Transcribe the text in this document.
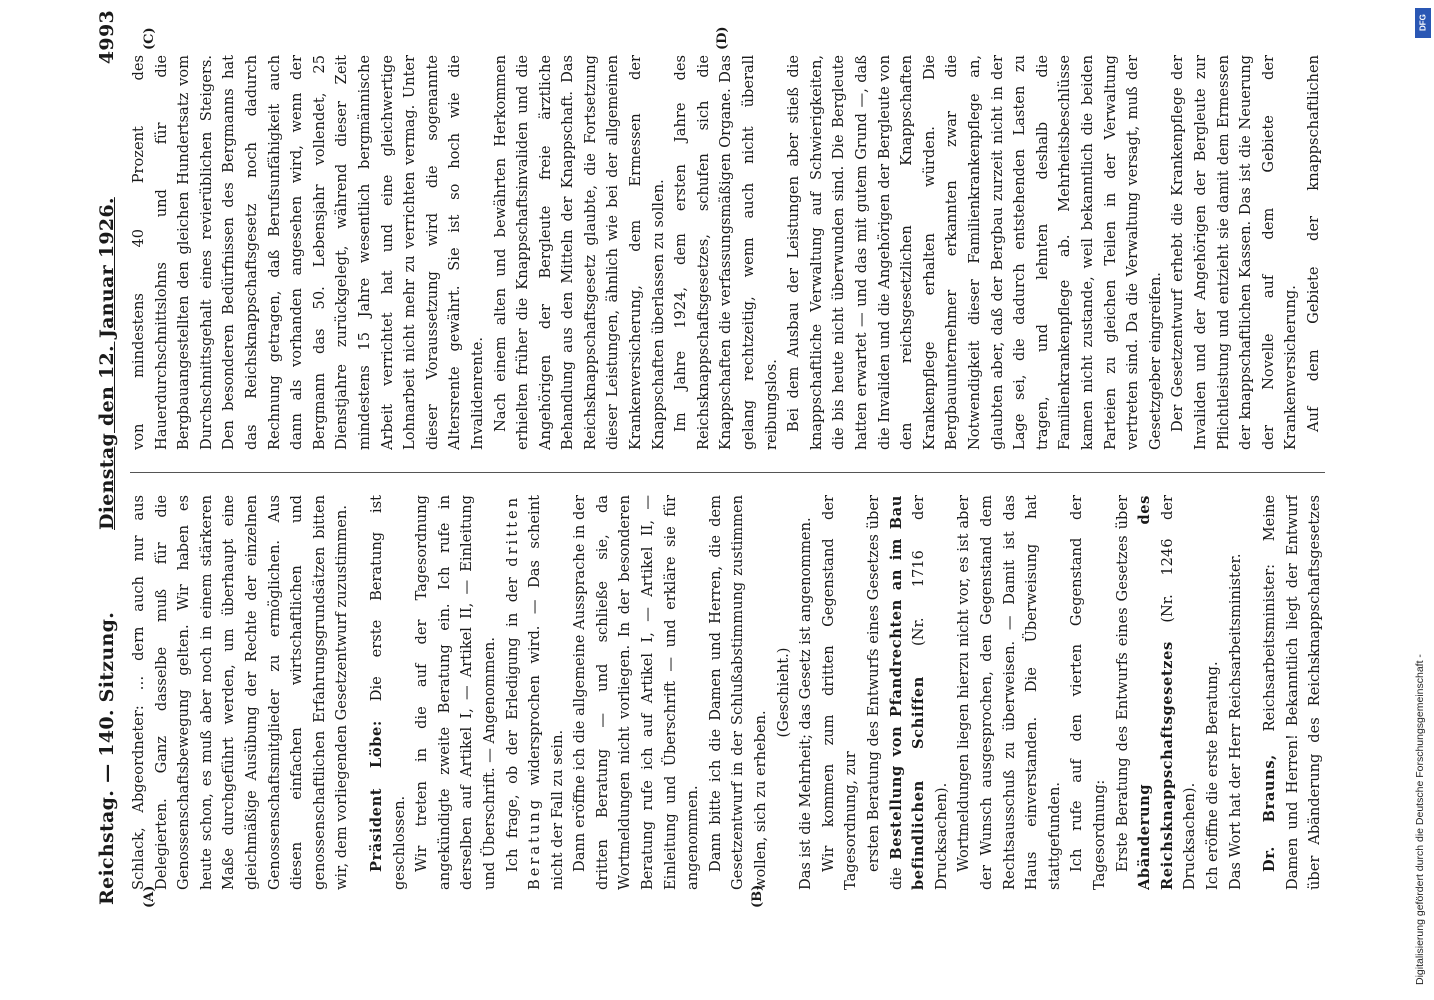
Reichstag. — 140. Sitzung.
Dienstag den 12. Januar 1926.
4993
(A)	(B)
(C)	(D)

Schlack, Abgeordneter: … dern auch nur aus Delegierten. Ganz dasselbe muß für die Genossenschaftsbewegung gelten. Wir haben es heute schon, es muß aber noch in einem stärkeren Maße durchgeführt werden, um überhaupt eine gleichmäßige Ausübung der Rechte der einzelnen Genossenschaftsmitglieder zu ermöglichen. Aus diesen einfachen wirtschaftlichen und genossenschaftlichen Erfahrungsgrundsätzen bitten wir, dem vorliegenden Gesetzentwurf zuzustimmen. Präsident Löbe: Die erste Beratung ist geschlossen. Wir treten in die auf der Tagesordnung angekündigte zweite Beratung ein. Ich rufe in derselben auf Artikel I, — Artikel II, — Einleitung und Überschrift. — Angenommen. Ich frage, ob der Erledigung in der dritten Beratung widersprochen wird. — Das scheint nicht der Fall zu sein. Dann eröffne ich die allgemeine Aussprache in der dritten Beratung — und schließe sie, da Wortmeldungen nicht vorliegen. In der besonderen Beratung rufe ich auf Artikel I, — Artikel II, — Einleitung und Überschrift — und erkläre sie für angenommen. Dann bitte ich die Damen und Herren, die dem Gesetzentwurf in der Schlußabstimmung zustimmen wollen, sich zu erheben.

(Geschieht.) Das ist die Mehrheit; das Gesetz ist angenommen. Wir kommen zum dritten Gegenstand der Tagesordnung, zur ersten Beratung des Entwurfs eines Gesetzes über die Bestellung von Pfandrechten an im Bau befindlichen Schiffen (Nr. 1716 der Drucksachen). Wortmeldungen liegen hierzu nicht vor, es ist aber der Wunsch ausgesprochen, den Gegenstand dem Rechtsausschuß zu überweisen. — Damit ist das Haus einverstanden. Die Überweisung hat stattgefunden. Ich rufe auf den vierten Gegenstand der Tagesordnung: Erste Beratung des Entwurfs eines Gesetzes über Abänderung des Reichsknappschaftsgesetzes (Nr. 1246 der Drucksachen). Ich eröffne die erste Beratung. Das Wort hat der Herr Reichsarbeitsminister. Dr. Brauns, Reichsarbeitsminister: Meine Damen und Herren! Bekanntlich liegt der Entwurf über Abänderung des Reichsknappschaftsgesetzes

von mindestens 40 Prozent des Hauerdurchschnittslohns und für die Bergbauangestellten den gleichen Hundertsatz vom Durchschnittsgehalt eines revierüblichen Steigers. Den besonderen Bedürfnissen des Bergmanns hat das Reichsknappschaftsgesetz noch dadurch Rechnung getragen, daß Berufsunfähigkeit auch dann als vorhanden angesehen wird, wenn der Bergmann das 50. Lebensjahr vollendet, 25 Dienstjahre zurückgelegt, während dieser Zeit mindestens 15 Jahre wesentlich bergmännische Arbeit verrichtet hat und eine gleichwertige Lohnarbeit nicht mehr zu verrichten vermag. Unter dieser Voraussetzung wird die sogenannte Altersrente gewährt. Sie ist so hoch wie die Invalidenrente. Nach einem alten und bewährten Herkommen erhielten früher die Knappschaftsinvaliden und die Angehörigen der Bergleute freie ärztliche Behandlung aus den Mitteln der Knappschaft. Das Reichsknappschaftsgesetz glaubte, die Fortsetzung dieser Leistungen, ähnlich wie bei der allgemeinen Krankenversicherung, dem Ermessen der Knappschaften überlassen zu sollen. Im Jahre 1924, dem ersten Jahre des Reichsknappschaftsgesetzes, schufen sich die Knappschaften die verfassungsmäßigen Organe. Das gelang rechtzeitig, wenn auch nicht überall reibungslos. Bei dem Ausbau der Leistungen aber stieß die knappschaftliche Verwaltung auf Schwierigkeiten, die bis heute nicht überwunden sind. Die Bergleute hatten erwartet — und das mit gutem Grund —, daß die Invaliden und die Angehörigen der Bergleute von den reichsgesetzlichen Knappschaften Krankenpflege erhalten würden. Die Bergbauunternehmer erkannten zwar die Notwendigkeit dieser Familienkrankenpflege an, glaubten aber, daß der Bergbau zurzeit nicht in der Lage sei, die dadurch entstehenden Lasten zu tragen, und lehnten deshalb die Familienkrankenpflege ab. Mehrheitsbeschlüsse kamen nicht zustande, weil bekanntlich die beiden Parteien zu gleichen Teilen in der Verwaltung vertreten sind. Da die Verwaltung versagt, muß der Gesetzgeber eingreifen. Der Gesetzentwurf erhebt die Krankenpflege der Invaliden und der Angehörigen der Bergleute zur Pflichtleistung und entzieht sie damit dem Ermessen der knappschaftlichen Kassen. Das ist die Neuerung der Novelle auf dem Gebiete der Krankenversicherung. Auf dem Gebiete der knappschaftlichen

DFG
Digitalisierung gefördert durch die Deutsche Forschungsgemeinschaft -
